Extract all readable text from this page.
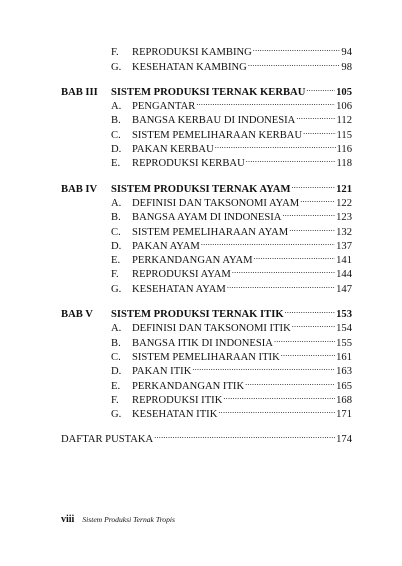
F.	REPRODUKSI KAMBING .....	94
G.	KESEHATAN KAMBING .....	98
BAB III	SISTEM PRODUKSI TERNAK KERBAU .....	105
A.	PENGANTAR .....	106
B.	BANGSA KERBAU DI INDONESIA .....	112
C.	SISTEM PEMELIHARAAN KERBAU .....	115
D.	PAKAN KERBAU .....	116
E.	REPRODUKSI KERBAU .....	118
BAB IV	SISTEM PRODUKSI TERNAK AYAM .....	121
A.	DEFINISI DAN TAKSONOMI AYAM .....	122
B.	BANGSA AYAM DI INDONESIA .....	123
C.	SISTEM PEMELIHARAAN AYAM .....	132
D.	PAKAN AYAM .....	137
E.	PERKANDANGAN AYAM .....	141
F.	REPRODUKSI AYAM .....	144
G.	KESEHATAN AYAM .....	147
BAB V	SISTEM PRODUKSI TERNAK ITIK .....	153
A.	DEFINISI DAN TAKSONOMI ITIK .....	154
B.	BANGSA ITIK DI INDONESIA .....	155
C.	SISTEM PEMELIHARAAN ITIK .....	161
D.	PAKAN ITIK .....	163
E.	PERKANDANGAN ITIK .....	165
F.	REPRODUKSI ITIK .....	168
G.	KESEHATAN ITIK .....	171
DAFTAR PUSTAKA .....	174
viii Sistem Produksi Ternak Tropis
